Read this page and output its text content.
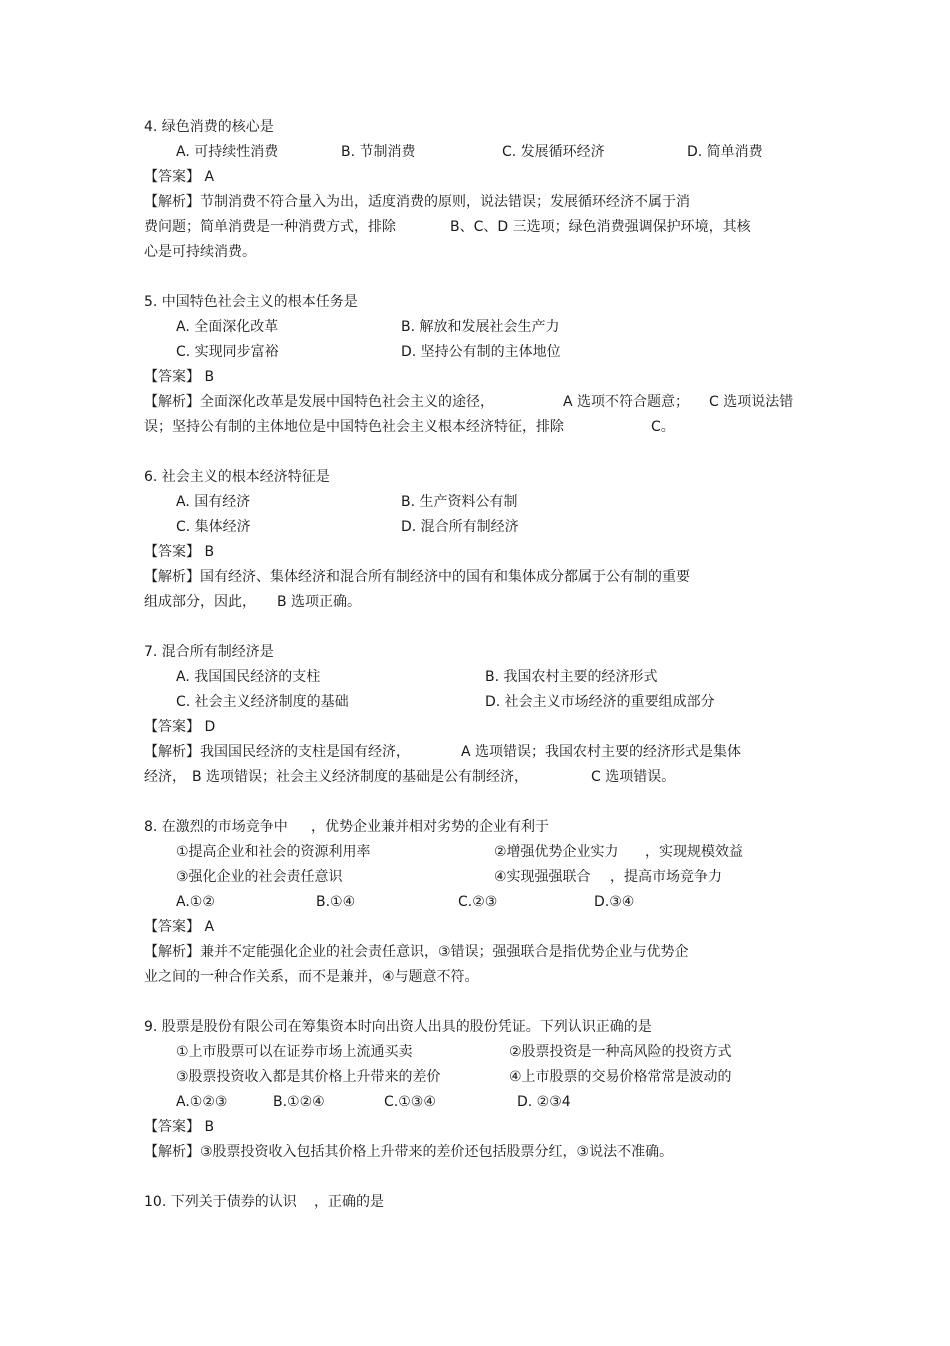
4. 绿色消费的核心是
A. 可持续性消费	B. 节制消费	C. 发展循环经济	D. 简单消费
【答案】 A
【解析】节制消费不符合量入为出，适度消费的原则，说法错误；发展循环经济不属于消
费问题；简单消费是一种消费方式，排除	B、C、D 三选项；绿色消费强调保护环境，其核
心是可持续消费。
5. 中国特色社会主义的根本任务是
A. 全面深化改革	B. 解放和发展社会生产力
C. 实现同步富裕	D. 坚持公有制的主体地位
【答案】 B
【解析】全面深化改革是发展中国特色社会主义的途径，	A 选项不符合题意； C 选项说法错
误；坚持公有制的主体地位是中国特色社会主义根本经济特征，排除	C。
6. 社会主义的根本经济特征是
A. 国有经济	B. 生产资料公有制
C. 集体经济	D. 混合所有制经济
【答案】 B
【解析】国有经济、集体经济和混合所有制经济中的国有和集体成分都属于公有制的重要
组成部分，因此， B 选项正确。
7. 混合所有制经济是
A. 我国国民经济的支柱	B. 我国农村主要的经济形式
C. 社会主义经济制度的基础	D. 社会主义市场经济的重要组成部分
【答案】 D
【解析】我国国民经济的支柱是国有经济，	A 选项错误；我国农村主要的经济形式是集体
经济， B 选项错误；社会主义经济制度的基础是公有制经济，	C 选项错误。
8. 在激烈的市场竞争中 ，优势企业兼并相对劣势的企业有利于
①提高企业和社会的资源利用率	②增强优势企业实力 ，实现规模效益
③强化企业的社会责任意识	④实现强强联合 ，提高市场竞争力
A.①②	B.①④	C.②③	D.③④
【答案】 A
【解析】兼并不定能强化企业的社会责任意识，③错误；强强联合是指优势企业与优势企
业之间的一种合作关系，而不是兼并，④与题意不符。
9. 股票是股份有限公司在筹集资本时向出资人出具的股份凭证。下列认识正确的是
①上市股票可以在证券市场上流通买卖	②股票投资是一种高风险的投资方式
③股票投资收入都是其价格上升带来的差价	④上市股票的交易价格常常是波动的
A.①②③	B.①②④	C.①③④	D. ②③4
【答案】 B
【解析】③股票投资收入包括其价格上升带来的差价还包括股票分红，③说法不准确。
10. 下列关于债券的认识 ，正确的是
